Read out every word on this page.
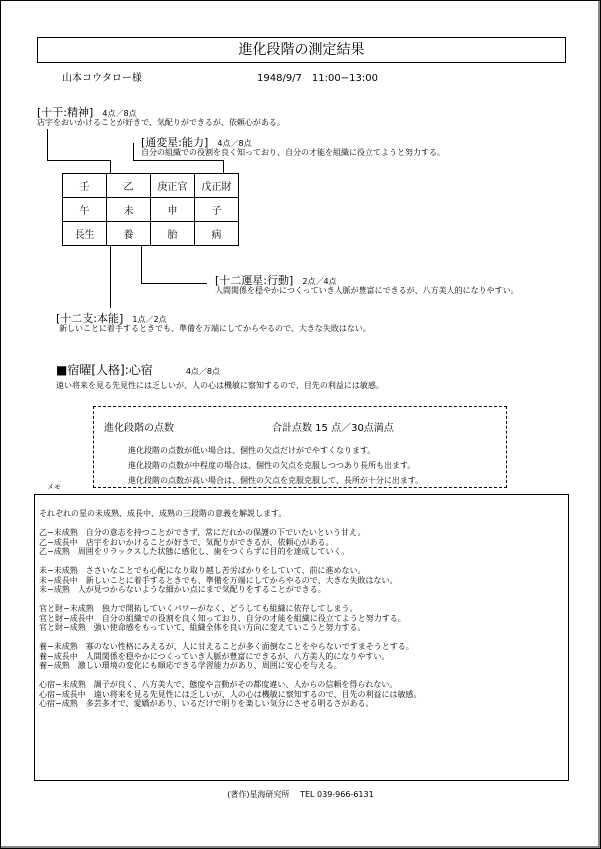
進化段階の測定結果
山本コウタロー様	1948/9/7　11:00−13:00
[十干:精神] 4点／8点
店宇をおいかけることが好きで、気配りができるが、依頼心がある。
[通変星:能力] 4点／8点
自分の組織での役割を良く知っており、自分の才能を組織に役立てようと努力する。
壬	乙	庚正官	戊正財
午	未	申	子
長生	養	胎	病
[十二運星:行動] 2点／4点
人間関係を穏やかにつくっていき人脈が豊富にできるが、八方美人的になりやすい。
[十二支:本能] 1点／2点
新しいことに着手するときでも、準備を万端にしてからやるので、大きな失敗はない。
■宿曜[人格]:心宿	4点／8点
遠い将来を見る先見性には乏しいが、人の心は機敏に察知するので、目先の利益には敏感。
進化段階の点数	合計点数 15 点／30点満点
進化段階の点数が低い場合は、個性の欠点だけがでやすくなります。
進化段階の点数が中程度の場合は、個性の欠点を克服しつつあり長所も出ます。
進化段階の点数が高い場合は、個性の欠点を克服克服して、長所が十分に出ます。
メモ
それぞれの星の未成熟、成長中、成熟の三段階の意義を解説します。
乙−未成熟　自分の意志を持つことができず、常にだれかの保護の下でいたいという甘え。
乙−成長中　店宇をおいかけることが好きで、気配りができるが、依頼心がある。
乙−成熟　周囲をリラックスした状態に感化し、歯をつくらずに目的を達成していく。
未−未成熟　ささいなことでも心配になり取り越し苦労ばかりをしていて、前に進めない。
未−成長中　新しいことに着手するときでも、準備を万端にしてからやるので、大きな失敗はない。
未−成熟　人が見つからないような細かい点にまで気配りをすることができる。
官と財−未成熟　独力で開拓していくパワーがなく、どうしても組織に依存してしまう。
官と財−成長中　自分の組織での役割を良く知っており、自分の才能を組織に役立てようと努力する。
官と財−成熟　強い使命感をもっていて、組織全体を良い方向に変えていこうと努力する。
養−未成熟　寡のない性格にみえるが、人に甘えることが多く面倒なことをやらないですまそうとする。
養−成長中　人間関係を穏やかにつくっていき人脈が豊富にできるが、八方美人的になりやすい。
養−成熟　激しい環境の変化にも順応できる学習能力があり、周囲に安心を与える。
心宿−未成熟　調子が良く、八方美人で、態度や言動がその都度違い、人からの信頼を得られない。
心宿−成長中　遠い将来を見る先見性には乏しいが、人の心は機敏に察知するので、目先の利益には敏感。
心宿−成熟　多芸多才で、愛嬌があり、いるだけで明りを楽しい気分にさせる明るさがある。
(著作)星海研究所　 TEL 039-966-6131
